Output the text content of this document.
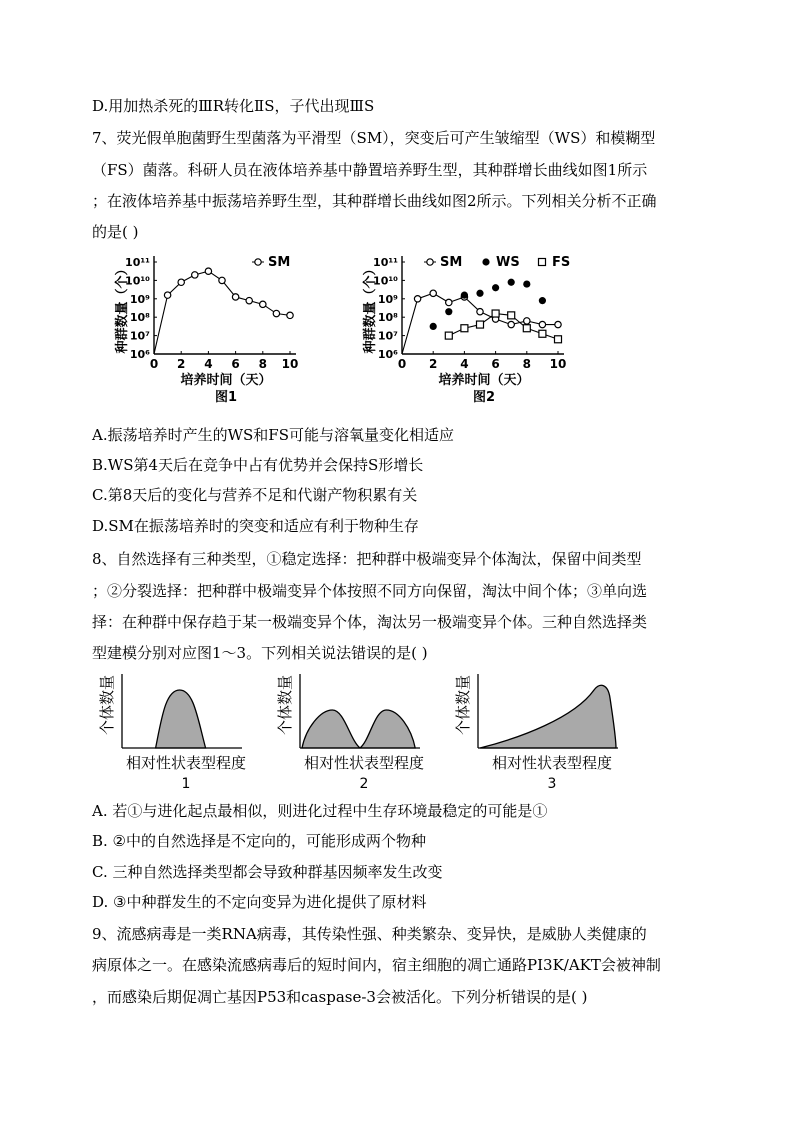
D.用加热杀死的ⅢR转化ⅡS，子代出现ⅢS
7、荧光假单胞菌野生型菌落为平滑型（SM），突变后可产生皱缩型（WS）和模糊型
（FS）菌落。科研人员在液体培养基中静置培养野生型，其种群增长曲线如图1所示
；在液体培养基中振荡培养野生型，其种群增长曲线如图2所示。下列相关分析不正确
的是( )
0 2 4 6 8 10
10⁶
10⁷
10⁸
10⁹
10¹⁰
10¹¹
种群数量（个）
培养时间（天）
图1
SM
0 2 4 6 8 10
10⁶
10⁷
10⁸
10⁹
10¹⁰
10¹¹
种群数量（个）
培养时间（天）
图2
SM	WS FS
A.振荡培养时产生的WS和FS可能与溶氧量变化相适应
B.WS第4天后在竞争中占有优势并会保持S形增长
C.第8天后的变化与营养不足和代谢产物积累有关
D.SM在振荡培养时的突变和适应有利于物种生存
8、自然选择有三种类型，①稳定选择：把种群中极端变异个体淘汰，保留中间类型
；②分裂选择：把种群中极端变异个体按照不同方向保留，淘汰中间个体；③单向选
择：在种群中保存趋于某一极端变异个体，淘汰另一极端变异个体。三种自然选择类
型建模分别对应图1～3。下列相关说法错误的是( )
个体数量
相对性状表型程度
1
个体数量
相对性状表型程度
2
个体数量
相对性状表型程度
3
A. 若①与进化起点最相似，则进化过程中生存环境最稳定的可能是①
B. ②中的自然选择是不定向的，可能形成两个物种
C. 三种自然选择类型都会导致种群基因频率发生改变
D. ③中种群发生的不定向变异为进化提供了原材料
9、流感病毒是一类RNA病毒，其传染性强、种类繁杂、变异快，是威胁人类健康的
病原体之一。在感染流感病毒后的短时间内，宿主细胞的凋亡通路PI3K/AKT会被神制
，而感染后期促凋亡基因P53和caspase-3会被活化。下列分析错误的是( )
